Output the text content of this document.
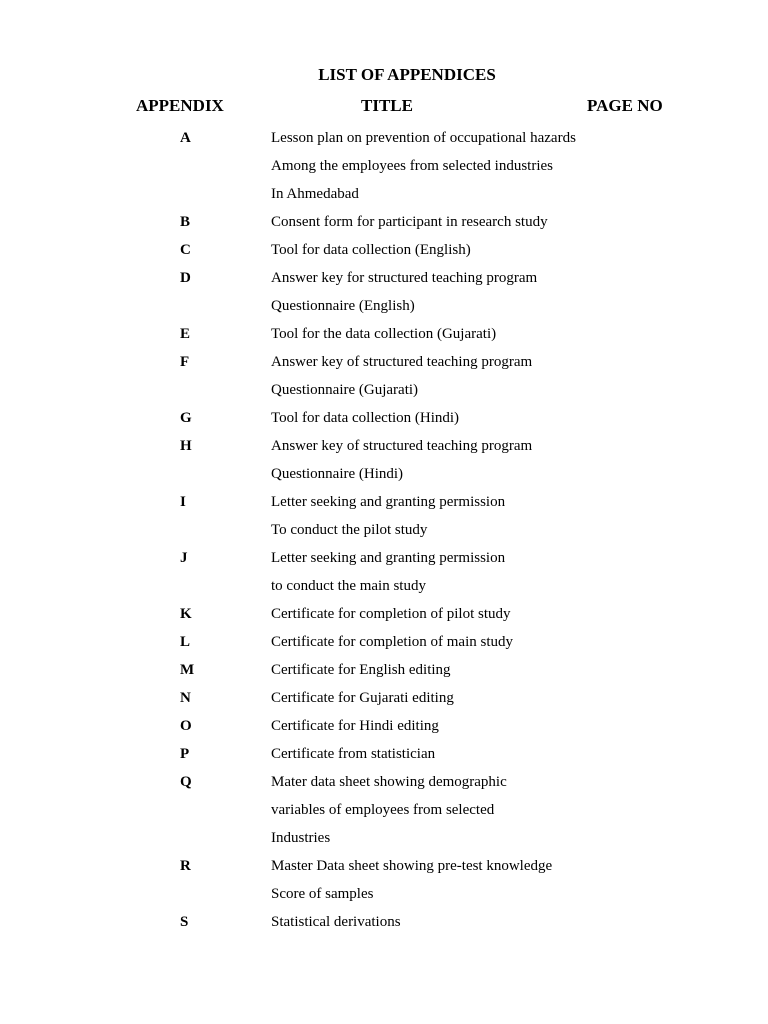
LIST OF APPENDICES
APPENDIX	TITLE	PAGE NO
A	Lesson plan on prevention of occupational hazards
Among the employees from selected industries
In Ahmedabad
B	Consent form for participant in research study
C	Tool for data collection (English)
D	Answer key for structured teaching program
Questionnaire (English)
E	Tool for the data collection (Gujarati)
F	Answer key of structured teaching program
Questionnaire (Gujarati)
G	Tool for data collection (Hindi)
H	Answer key of structured teaching program
Questionnaire (Hindi)
I	Letter seeking and granting permission
To conduct the pilot study
J	Letter seeking and granting permission
to conduct the main study
K	Certificate for completion of pilot study
L	Certificate for completion of main study
M	Certificate for English editing
N	Certificate for Gujarati editing
O	Certificate for Hindi editing
P	Certificate from statistician
Q	Mater data sheet showing demographic
variables of employees from selected
Industries
R	Master Data sheet showing pre-test knowledge
Score of samples
S	Statistical derivations
